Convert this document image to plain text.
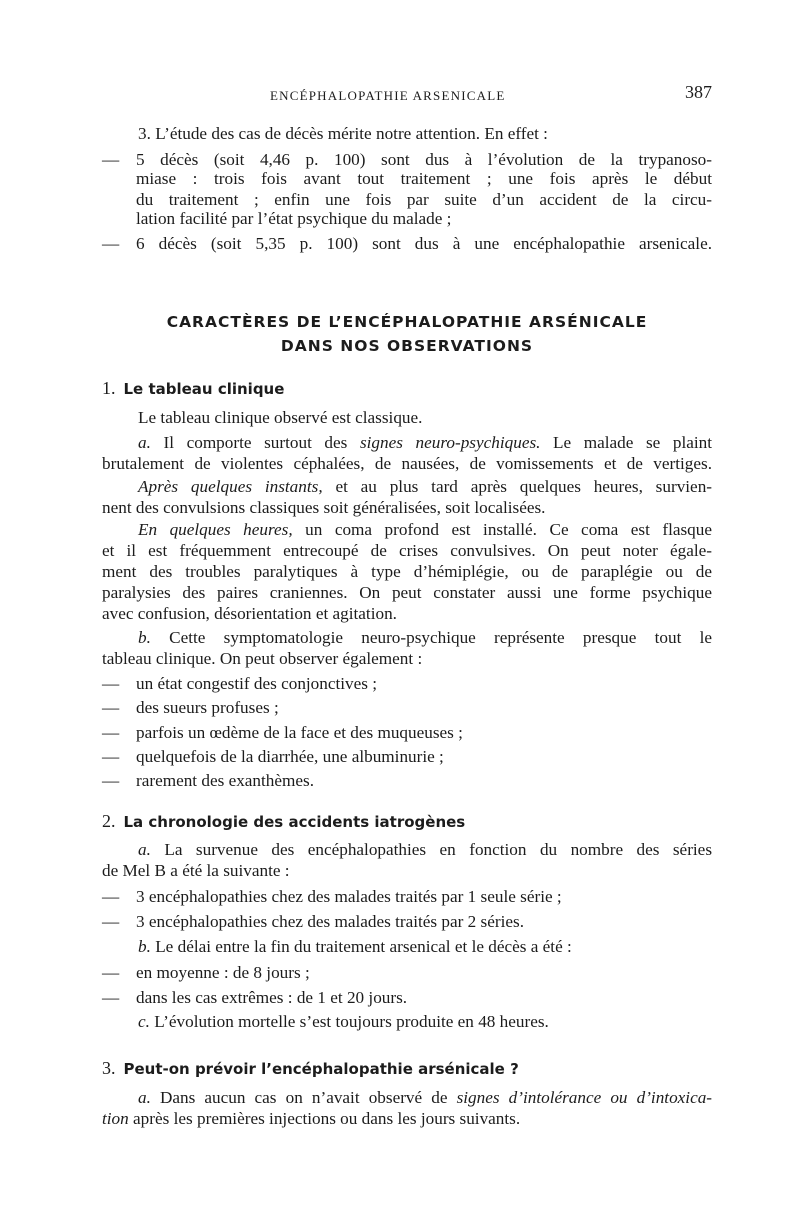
ENCÉPHALOPATHIE ARSENICALE	387
3. L’étude des cas de décès mérite notre attention. En effet :
— 5 décès (soit 4,46 p. 100) sont dus à l’évolution de la trypanoso-
miase : trois fois avant tout traitement ; une fois après le début
du traitement ; enfin une fois par suite d’un accident de la circu-
lation facilité par l’état psychique du malade ;
— 6 décès (soit 5,35 p. 100) sont dus à une encéphalopathie arsenicale.
CARACTÈRES DE L’ENCÉPHALOPATHIE ARSÉNICALE
DANS NOS OBSERVATIONS
1. Le tableau clinique
Le tableau clinique observé est classique.
a. Il comporte surtout des signes neuro-psychiques. Le malade se plaint
brutalement de violentes céphalées, de nausées, de vomissements et de vertiges.
Après quelques instants, et au plus tard après quelques heures, survien-
nent des convulsions classiques soit généralisées, soit localisées.
En quelques heures, un coma profond est installé. Ce coma est flasque
et il est fréquemment entrecoupé de crises convulsives. On peut noter égale-
ment des troubles paralytiques à type d’hémiplégie, ou de paraplégie ou de
paralysies des paires craniennes. On peut constater aussi une forme psychique
avec confusion, désorientation et agitation.
b. Cette symptomatologie neuro-psychique représente presque tout le
tableau clinique. On peut observer également :
— un état congestif des conjonctives ;
— des sueurs profuses ;
— parfois un œdème de la face et des muqueuses ;
— quelquefois de la diarrhée, une albuminurie ;
— rarement des exanthèmes.
2. La chronologie des accidents iatrogènes
a. La survenue des encéphalopathies en fonction du nombre des séries
de Mel B a été la suivante :
— 3 encéphalopathies chez des malades traités par 1 seule série ;
— 3 encéphalopathies chez des malades traités par 2 séries.
b. Le délai entre la fin du traitement arsenical et le décès a été :
— en moyenne : de 8 jours ;
— dans les cas extrêmes : de 1 et 20 jours.
c. L’évolution mortelle s’est toujours produite en 48 heures.
3. Peut-on prévoir l’encéphalopathie arsénicale ?
a. Dans aucun cas on n’avait observé de signes d’intolérance ou d’intoxica-
tion après les premières injections ou dans les jours suivants.
